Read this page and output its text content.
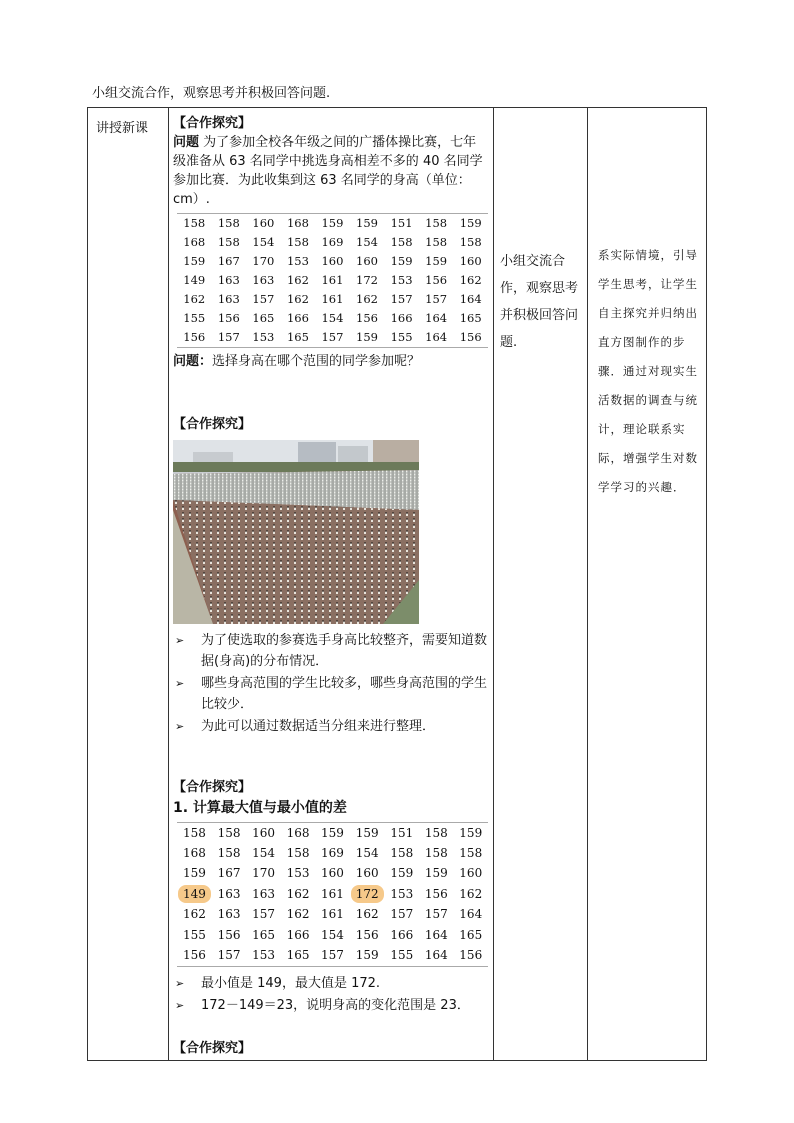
小组交流合作，观察思考并积极回答问题.
讲授新课 【合作探究】
问题 为了参加全校各年级之间的广播体操比赛，七年级准备从 63 名同学中挑选身高相差不多的 40 名同学参加比赛．为此收集到这 63 名同学的身高（单位：cm）.
158	158	160	168	159	159	151	158	159
168	158	154	158	169	154	158	158	158
159	167	170	153	160	160	159	159	160
149	163	163	162	161	172	153	156	162
162	163	157	162	161	162	157	157	164
155	156	165	166	154	156	166	164	165
156	157	153	165	157	159	155	164	156
问题：选择身高在哪个范围的同学参加呢？
【合作探究】
➢ 为了使选取的参赛选手身高比较整齐，需要知道数据(身高)的分布情况．
➢ 哪些身高范围的学生比较多，哪些身高范围的学生比较少．
➢ 为此可以通过数据适当分组来进行整理．
【合作探究】
1. 计算最大值与最小值的差
158	158	160	168	159	159	151	158	159
168	158	154	158	169	154	158	158	158
159	167	170	153	160	160	159	159	160
149	163	163	162	161	172	153	156	162
162	163	157	162	161	162	157	157	164
155	156	165	166	154	156	166	164	165
156	157	153	165	157	159	155	164	156
➢ 最小值是 149，最大值是 172.
➢ 172－149＝23，说明身高的变化范围是 23．
【合作探究】
小组交流合作，观察思考并积极回答问题.
系实际情境，引导学生思考，让学生自主探究并归纳出直方图制作的步骤．通过对现实生活数据的调查与统计，理论联系实际，增强学生对数学学习的兴趣．
